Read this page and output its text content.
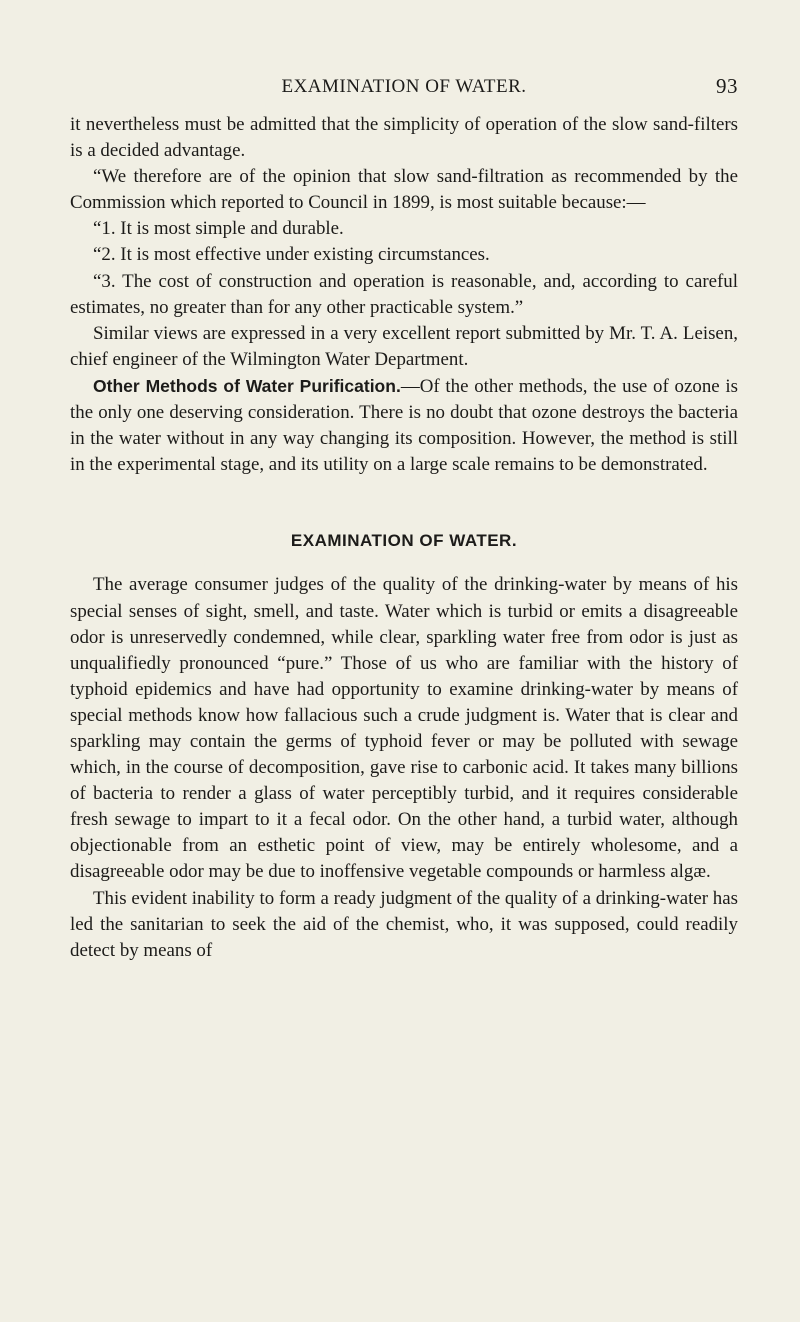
EXAMINATION OF WATER.	93

it nevertheless must be admitted that the simplicity of operation of the slow sand-filters is a decided advantage.

“We therefore are of the opinion that slow sand-filtration as recommended by the Commission which reported to Council in 1899, is most suitable because:—

“1. It is most simple and durable.

“2. It is most effective under existing circumstances.

“3. The cost of construction and operation is reasonable, and, according to careful estimates, no greater than for any other practicable system.”

Similar views are expressed in a very excellent report submitted by Mr. T. A. Leisen, chief engineer of the Wilmington Water Department.

Other Methods of Water Purification.—Of the other methods, the use of ozone is the only one deserving consideration. There is no doubt that ozone destroys the bacteria in the water without in any way changing its composition. However, the method is still in the experimental stage, and its utility on a large scale remains to be demonstrated.

EXAMINATION OF WATER.

The average consumer judges of the quality of the drinking-water by means of his special senses of sight, smell, and taste. Water which is turbid or emits a disagreeable odor is unreservedly condemned, while clear, sparkling water free from odor is just as unqualifiedly pronounced “pure.” Those of us who are familiar with the history of typhoid epidemics and have had opportunity to examine drinking-water by means of special methods know how fallacious such a crude judgment is. Water that is clear and sparkling may contain the germs of typhoid fever or may be polluted with sewage which, in the course of decomposition, gave rise to carbonic acid. It takes many billions of bacteria to render a glass of water perceptibly turbid, and it requires considerable fresh sewage to impart to it a fecal odor. On the other hand, a turbid water, although objectionable from an esthetic point of view, may be entirely wholesome, and a disagreeable odor may be due to inoffensive vegetable compounds or harmless algæ.

This evident inability to form a ready judgment of the quality of a drinking-water has led the sanitarian to seek the aid of the chemist, who, it was supposed, could readily detect by means of
